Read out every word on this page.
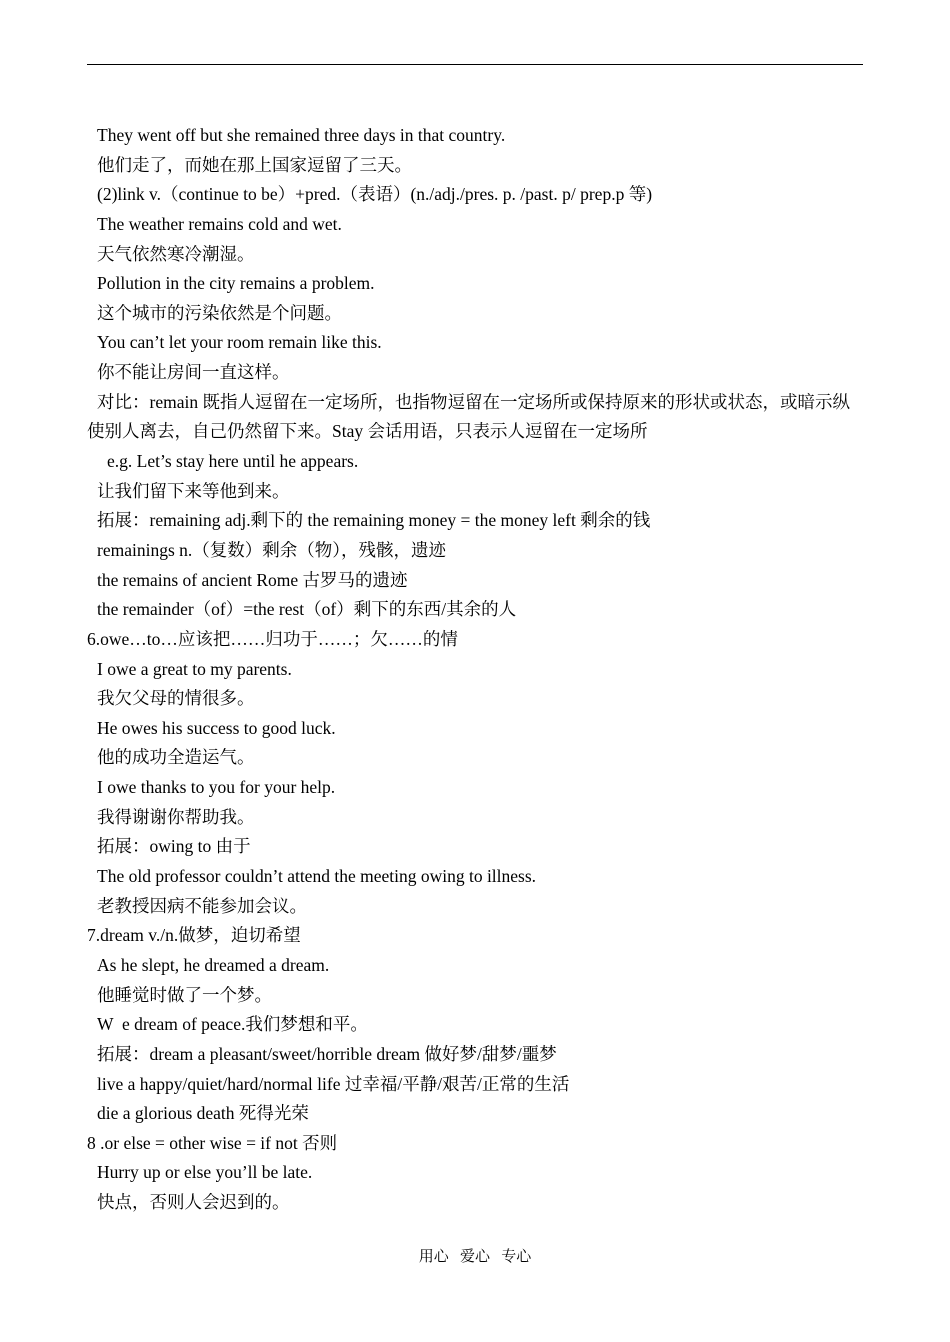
They went off but she remained three days in that country.
他们走了，而她在那上国家逗留了三天。
(2)link v.（continue to be）+pred.（表语）(n./adj./pres. p. /past. p/ prep.p 等)
The weather remains cold and wet.
天气依然寒冷潮湿。
Pollution in the city remains a problem.
这个城市的污染依然是个问题。
You can’t let your room remain like this.
你不能让房间一直这样。
对比：remain 既指人逗留在一定场所，也指物逗留在一定场所或保持原来的形状或状态，或暗示纵使别人离去，自己仍然留下来。Stay 会话用语，只表示人逗留在一定场所
e.g. Let’s stay here until he appears.
让我们留下来等他到来。
拓展：remaining adj.剩下的 the remaining money = the money left 剩余的钱
remainings n.（复数）剩余（物），残骸，遗迹
the remains of ancient Rome 古罗马的遗迹
the remainder（of）=the rest（of）剩下的东西/其余的人
6.owe…to…应该把……归功于……；欠……的情
I owe a great to my parents.
我欠父母的情很多。
He owes his success to good luck.
他的成功全造运气。
I owe thanks to you for your help.
我得谢谢你帮助我。
拓展：owing to 由于
The old professor couldn’t attend the meeting owing to illness.
老教授因病不能参加会议。
7.dream v./n.做梦，迫切希望
As he slept, he dreamed a dream.
他睡觉时做了一个梦。
W  e dream of peace.我们梦想和平。
拓展：dream a pleasant/sweet/horrible dream 做好梦/甜梦/噩梦
live a happy/quiet/hard/normal life 过幸福/平静/艰苦/正常的生活
die a glorious death 死得光荣
8 .or else = other wise = if not 否则
Hurry up or else you’ll be late.
快点，否则人会迟到的。
用心   爱心   专心
